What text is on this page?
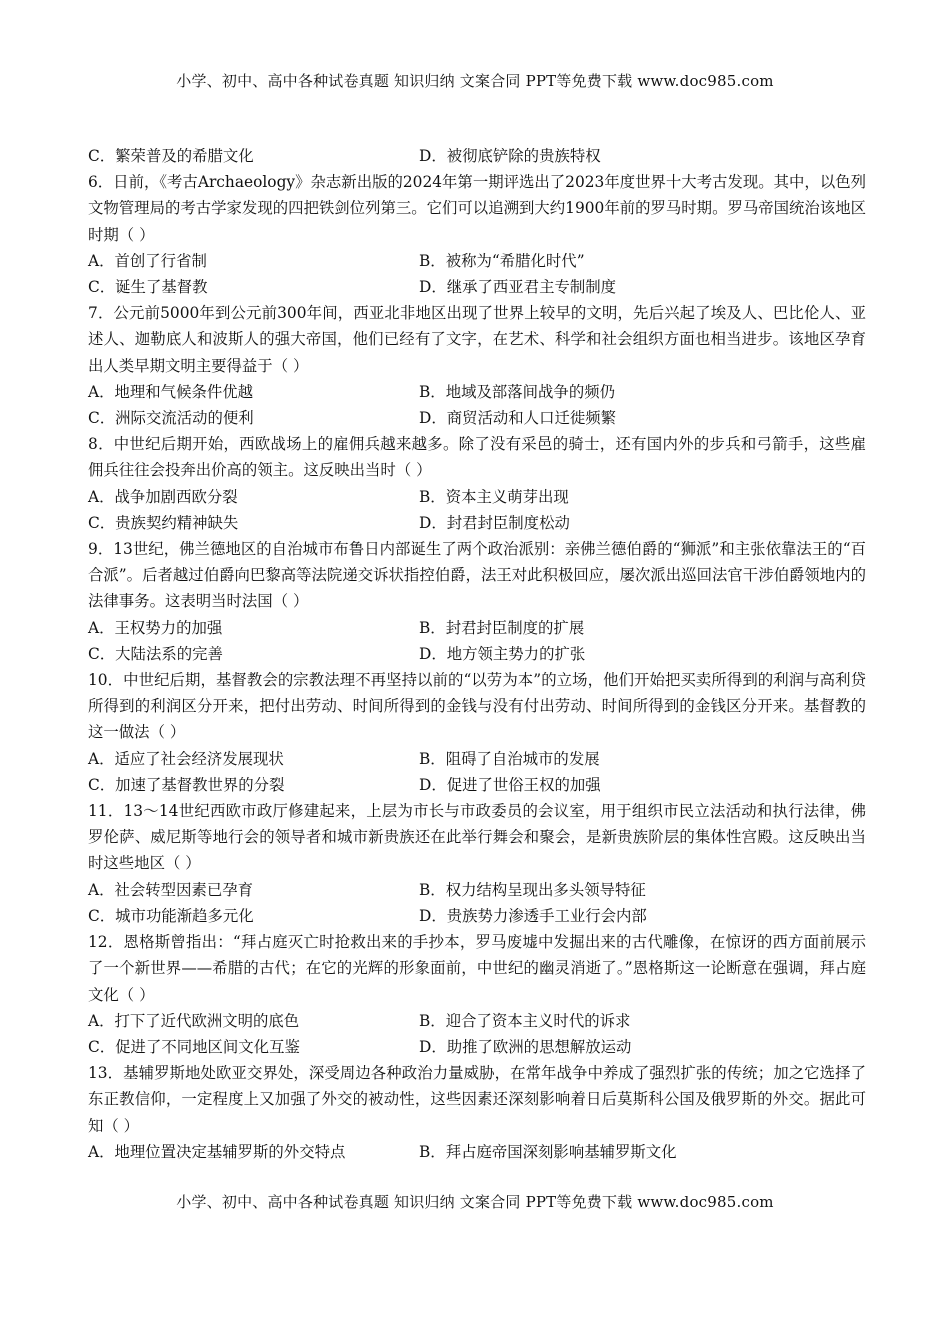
小学、初中、高中各种试卷真题 知识归纳 文案合同 PPT等免费下载 www.doc985.com
C．繁荣普及的希腊文化	D．被彻底铲除的贵族特权
6．日前，《考古Archaeology》杂志新出版的2024年第一期评选出了2023年度世界十大考古发现。其中，以色列文物管理局的考古学家发现的四把铁剑位列第三。它们可以追溯到大约1900年前的罗马时期。罗马帝国统治该地区时期（ ）
A．首创了行省制	B．被称为“希腊化时代”
C．诞生了基督教	D．继承了西亚君主专制制度
7．公元前5000年到公元前300年间，西亚北非地区出现了世界上较早的文明，先后兴起了埃及人、巴比伦人、亚述人、迦勒底人和波斯人的强大帝国，他们已经有了文字，在艺术、科学和社会组织方面也相当进步。该地区孕育出人类早期文明主要得益于（ ）
A．地理和气候条件优越	B．地域及部落间战争的频仍
C．洲际交流活动的便利	D．商贸活动和人口迁徙频繁
8．中世纪后期开始，西欧战场上的雇佣兵越来越多。除了没有采邑的骑士，还有国内外的步兵和弓箭手，这些雇佣兵往往会投奔出价高的领主。这反映出当时（ ）
A．战争加剧西欧分裂	B．资本主义萌芽出现
C．贵族契约精神缺失	D．封君封臣制度松动
9．13世纪，佛兰德地区的自治城市布鲁日内部诞生了两个政治派别：亲佛兰德伯爵的“狮派”和主张依靠法王的“百合派”。后者越过伯爵向巴黎高等法院递交诉状指控伯爵，法王对此积极回应，屡次派出巡回法官干涉伯爵领地内的法律事务。这表明当时法国（ ）
A．王权势力的加强	B．封君封臣制度的扩展
C．大陆法系的完善	D．地方领主势力的扩张
10．中世纪后期，基督教会的宗教法理不再坚持以前的“以劳为本”的立场，他们开始把买卖所得到的利润与高利贷所得到的利润区分开来，把付出劳动、时间所得到的金钱与没有付出劳动、时间所得到的金钱区分开来。基督教的这一做法（ ）
A．适应了社会经济发展现状	B．阻碍了自治城市的发展
C．加速了基督教世界的分裂	D．促进了世俗王权的加强
11．13～14世纪西欧市政厅修建起来，上层为市长与市政委员的会议室，用于组织市民立法活动和执行法律，佛罗伦萨、威尼斯等地行会的领导者和城市新贵族还在此举行舞会和聚会，是新贵族阶层的集体性宫殿。这反映出当时这些地区（ ）
A．社会转型因素已孕育	B．权力结构呈现出多头领导特征
C．城市功能渐趋多元化	D．贵族势力渗透手工业行会内部
12．恩格斯曾指出：“拜占庭灭亡时抢救出来的手抄本，罗马废墟中发掘出来的古代雕像，在惊讶的西方面前展示了一个新世界——希腊的古代；在它的光辉的形象面前，中世纪的幽灵消逝了。”恩格斯这一论断意在强调，拜占庭文化（ ）
A．打下了近代欧洲文明的底色	B．迎合了资本主义时代的诉求
C．促进了不同地区间文化互鉴	D．助推了欧洲的思想解放运动
13．基辅罗斯地处欧亚交界处，深受周边各种政治力量威胁，在常年战争中养成了强烈扩张的传统；加之它选择了东正教信仰，一定程度上又加强了外交的被动性，这些因素还深刻影响着日后莫斯科公国及俄罗斯的外交。据此可知（ ）
A．地理位置决定基辅罗斯的外交特点	B．拜占庭帝国深刻影响基辅罗斯文化
小学、初中、高中各种试卷真题 知识归纳 文案合同 PPT等免费下载 www.doc985.com
